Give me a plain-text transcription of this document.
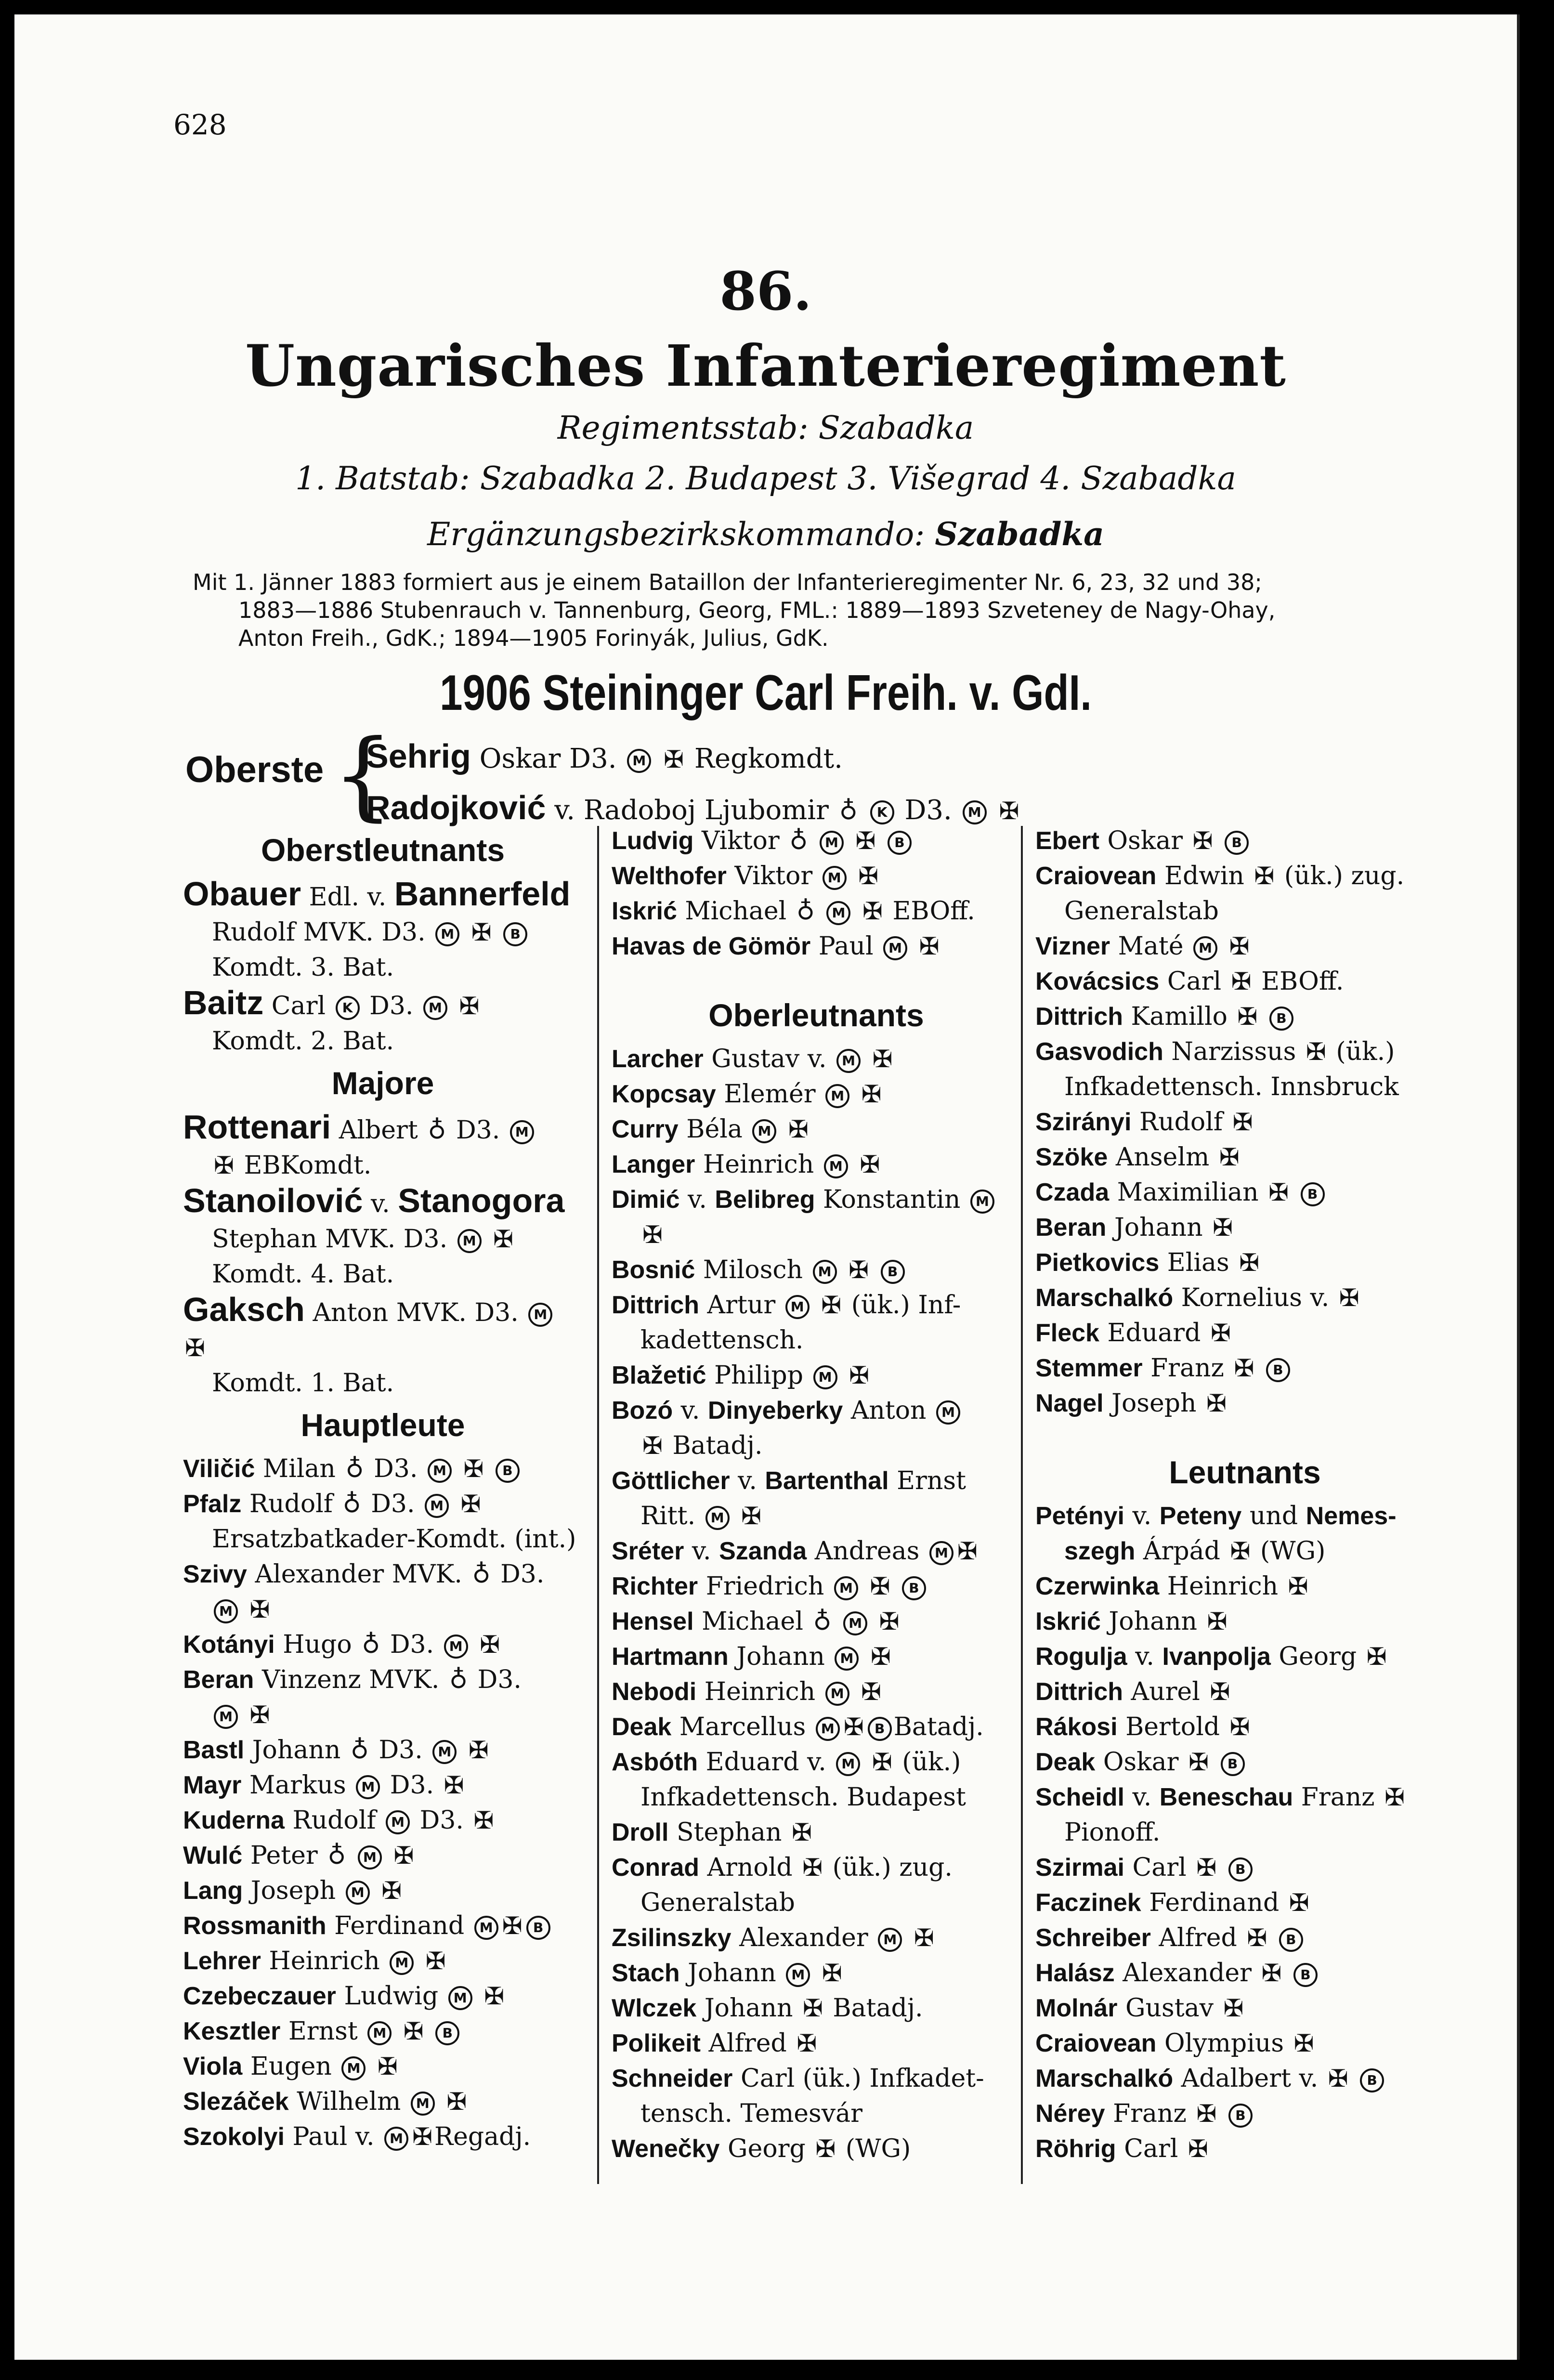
628
86.
Ungarisches Infanterieregiment
Regimentsstab: Szabadka
1. Batstab: Szabadka 2. Budapest 3. Višegrad 4. Szabadka
Ergänzungsbezirkskommando: Szabadka

Mit 1. Jänner 1883 formiert aus je einem Bataillon der Infanterieregimenter Nr. 6, 23, 32 und 38;

1883—1886 Stubenrauch v. Tannenburg, Georg, FML.: 1889—1893 Szveteney de Nagy-Ohay,

Anton Freih., GdK.; 1894—1905 Forinyák, Julius, GdK.

1906 Steininger Carl Freih. v. GdI.
Oberste {
Sehrig Oskar D3. M ✠ Regkomdt.
Radojković v. Radoboj Ljubomir ♁ K D3. M ✠
Oberstleutnants
Obauer Edl. v. Bannerfeld
Rudolf MVK. D3. M ✠ B
Komdt. 3. Bat.
Baitz Carl K D3. M ✠
Komdt. 2. Bat.
Majore
Rottenari Albert ♁ D3. M
✠ EBKomdt.
Stanoilović v. Stanogora
Stephan MVK. D3. M ✠
Komdt. 4. Bat.
Gaksch Anton MVK. D3. M ✠
Komdt. 1. Bat.
Hauptleute
Viličić Milan ♁ D3. M ✠ B
Pfalz Rudolf ♁ D3. M ✠
Ersatzbatkader-Komdt. (int.)
Szivy Alexander MVK. ♁ D3.
M ✠
Kotányi Hugo ♁ D3. M ✠
Beran Vinzenz MVK. ♁ D3.
M ✠
Bastl Johann ♁ D3. M ✠
Mayr Markus M D3. ✠
Kuderna Rudolf M D3. ✠
Wulć Peter ♁ M ✠
Lang Joseph M ✠
Rossmanith Ferdinand M ✠ B
Lehrer Heinrich M ✠
Czebeczauer Ludwig M ✠
Kesztler Ernst M ✠ B
Viola Eugen M ✠
Slezáček Wilhelm M ✠
Szokolyi Paul v. M ✠Regadj.
Ludvig Viktor ♁ M ✠ B
Welthofer Viktor M ✠
Iskrić Michael ♁ M ✠ EBOff.
Havas de Gömör Paul M ✠
Oberleutnants
Larcher Gustav v. M ✠
Kopcsay Elemér M ✠
Curry Béla M ✠
Langer Heinrich M ✠
Dimić v. Belibreg Konstantin M
✠
Bosnić Milosch M ✠ B
Dittrich Artur M ✠ (ük.) Inf-
kadettensch.
Blažetić Philipp M ✠
Bozó v. Dinyeberky Anton M
✠ Batadj.
Göttlicher v. Bartenthal Ernst
Ritt. M ✠
Sréter v. Szanda Andreas M ✠
Richter Friedrich M ✠ B
Hensel Michael ♁ M ✠
Hartmann Johann M ✠
Nebodi Heinrich M ✠
Deak Marcellus M ✠ B Batadj.
Asbóth Eduard v. M ✠ (ük.)
Infkadettensch. Budapest
Droll Stephan ✠
Conrad Arnold ✠ (ük.) zug.
Generalstab
Zsilinszky Alexander M ✠
Stach Johann M ✠
Wlczek Johann ✠ Batadj.
Polikeit Alfred ✠
Schneider Carl (ük.) Infkadet-
tensch. Temesvár
Wenečky Georg ✠ (WG)
Ebert Oskar ✠ B
Craiovean Edwin ✠ (ük.) zug.
Generalstab
Vizner Maté M ✠
Kovácsics Carl ✠ EBOff.
Dittrich Kamillo ✠ B
Gasvodich Narzissus ✠ (ük.)
Infkadettensch. Innsbruck
Szirányi Rudolf ✠
Szöke Anselm ✠
Czada Maximilian ✠ B
Beran Johann ✠
Pietkovics Elias ✠
Marschalkó Kornelius v. ✠
Fleck Eduard ✠
Stemmer Franz ✠ B
Nagel Joseph ✠
Leutnants
Petényi v. Peteny und Nemes-
szegh Árpád ✠ (WG)
Czerwinka Heinrich ✠
Iskrić Johann ✠
Rogulja v. Ivanpolja Georg ✠
Dittrich Aurel ✠
Rákosi Bertold ✠
Deak Oskar ✠ B
Scheidl v. Beneschau Franz ✠
Pionoff.
Szirmai Carl ✠ B
Faczinek Ferdinand ✠
Schreiber Alfred ✠ B
Halász Alexander ✠ B
Molnár Gustav ✠
Craiovean Olympius ✠
Marschalkó Adalbert v. ✠ B
Nérey Franz ✠ B
Röhrig Carl ✠
